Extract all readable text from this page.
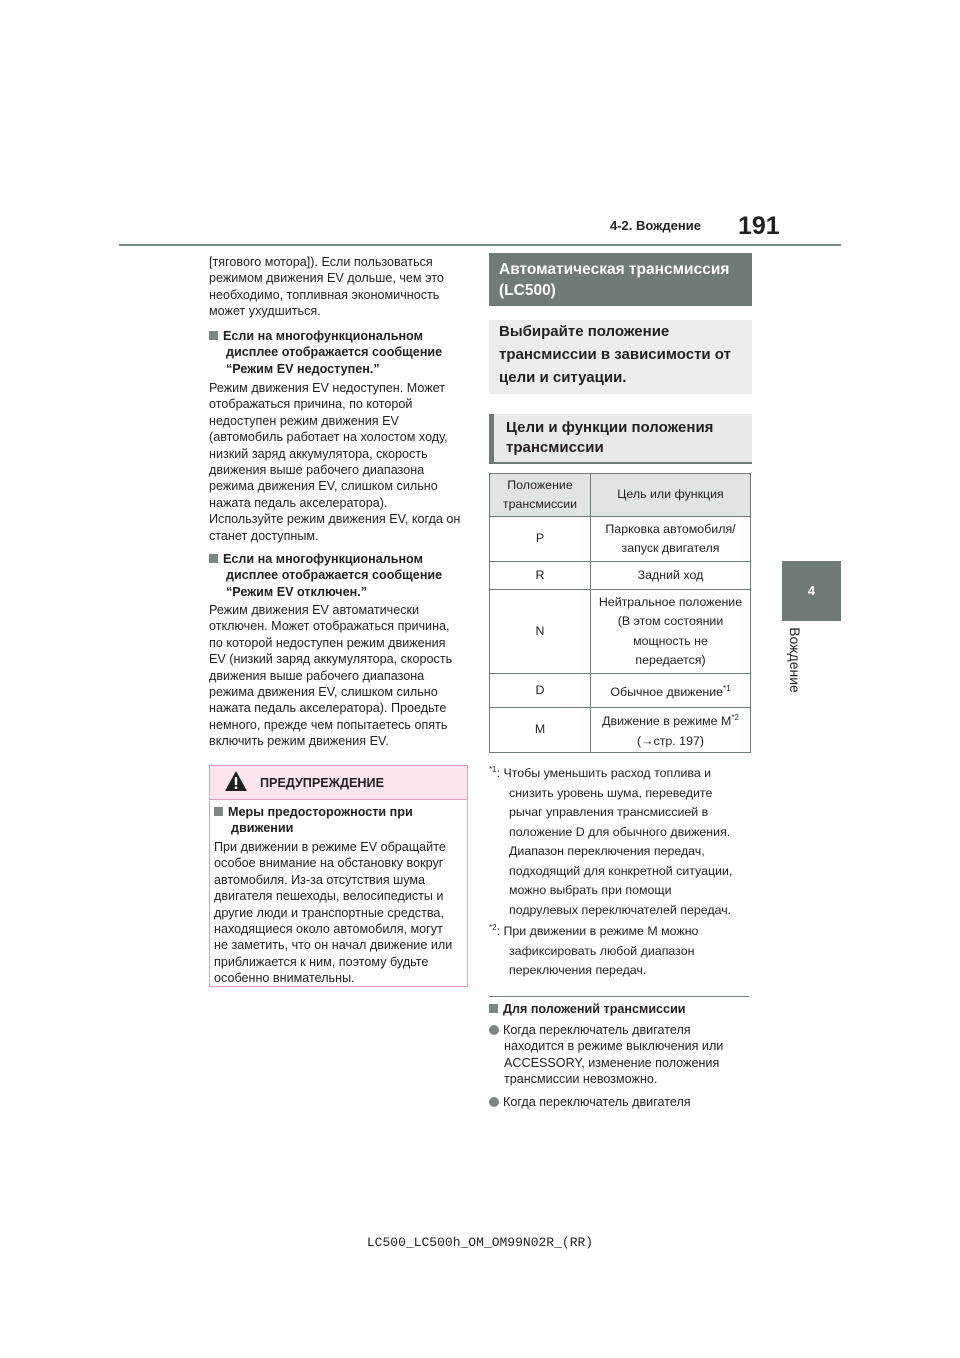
4-2. Вождение 191
4
Вождение
[тягового мотора]). Если пользоваться
режимом движения EV дольше, чем это
необходимо, топливная экономичность
может ухудшиться.
Если на многофункциональном
дисплее отображается сообщение
“Режим EV недоступен.”
Режим движения EV недоступен. Может
отображаться причина, по которой
недоступен режим движения EV
(автомобиль работает на холостом ходу,
низкий заряд аккумулятора, скорость
движения выше рабочего диапазона
режима движения EV, слишком сильно
нажата педаль акселератора).
Используйте режим движения EV, когда он
станет доступным.
Если на многофункциональном
дисплее отображается сообщение
“Режим EV отключен.”
Режим движения EV автоматически
отключен. Может отображаться причина,
по которой недоступен режим движения
EV (низкий заряд аккумулятора, скорость
движения выше рабочего диапазона
режима движения EV, слишком сильно
нажата педаль акселератора). Проедьте
немного, прежде чем попытаетесь опять
включить режим движения EV.
ПРЕДУПРЕЖДЕНИЕ
Меры предосторожности при
движении
При движении в режиме EV обращайте
особое внимание на обстановку вокруг
автомобиля. Из-за отсутствия шума
двигателя пешеходы, велосипедисты и
другие люди и транспортные средства,
находящиеся около автомобиля, могут
не заметить, что он начал движение или
приближается к ним, поэтому будьте
особенно внимательны.
Автоматическая трансмиссия
(LC500)
Выбирайте положение
трансмиссии в зависимости от
цели и ситуации.
Цели и функции положения
трансмиссии
Положение
трансмиссии	Цель или функция
P	Парковка автомобиля/
запуск двигателя

R	Задний ход
N	Нейтральное положение
(В этом состоянии
мощность не
передается)

D	Обычное движение$^{*1}$
M	Движение в режиме $M^{*2}$
(→стр. 197)
$^{*1}$: Чтобы уменьшить расход топлива и
снизить уровень шума, переведите
рычаг управления трансмиссией в
положение D для обычного движения.
Диапазон переключения передач,
подходящий для конкретной ситуации,
можно выбрать при помощи
подрулевых переключателей передач.
$^{*2}$: При движении в режиме M можно
зафиксировать любой диапазон
переключения передач.
Для положений трансмиссии
Когда переключатель двигателя
находится в режиме выключения или
ACCESSORY, изменение положения
трансмиссии невозможно.
Когда переключатель двигателя
LC500_LC500h_OM_OM99N02R_(RR)
